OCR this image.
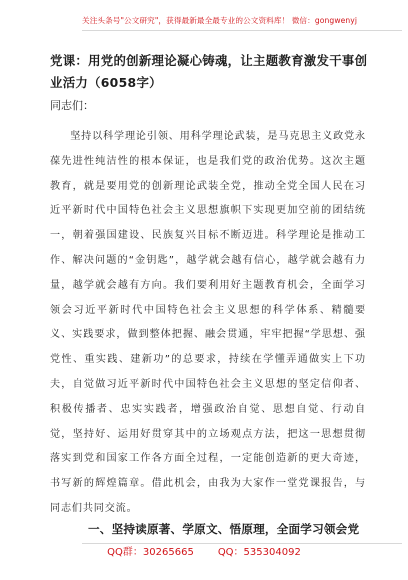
关注头条号"公文研究"，获得最新最全最专业的公文资料库！ 微信：gongwenyj
党课：用党的创新理论凝心铸魂，让主题教育激发干事创业活力（6058字）
同志们：
坚持以科学理论引领、用科学理论武装，是马克思主义政党永葆先进性纯洁性的根本保证，也是我们党的政治优势。这次主题教育，就是要用党的创新理论武装全党，推动全党全国人民在习近平新时代中国特色社会主义思想旗帜下实现更加空前的团结统一，朝着强国建设、民族复兴目标不断迈进。科学理论是推动工作、解决问题的“金钥匙”，越学就会越有信心，越学就会越有力量，越学就会越有方向。我们要利用好主题教育机会，全面学习领会习近平新时代中国特色社会主义思想的科学体系、精髓要义、实践要求，做到整体把握、融会贯通，牢牢把握“学思想、强党性、重实践、建新功”的总要求，持续在学懂弄通做实上下功夫，自觉做习近平新时代中国特色社会主义思想的坚定信仰者、积极传播者、忠实实践者，增强政治自觉、思想自觉、行动自觉，坚持好、运用好贯穿其中的立场观点方法，把这一思想贯彻落实到党和国家工作各方面全过程，一定能创造新的更大奇迹，书写新的辉煌篇章。借此机会，由我为大家作一堂党课报告，与同志们共同交流。
一、坚持读原著、学原文、悟原理，全面学习领会党
QQ群：30265665 QQ：535304092
